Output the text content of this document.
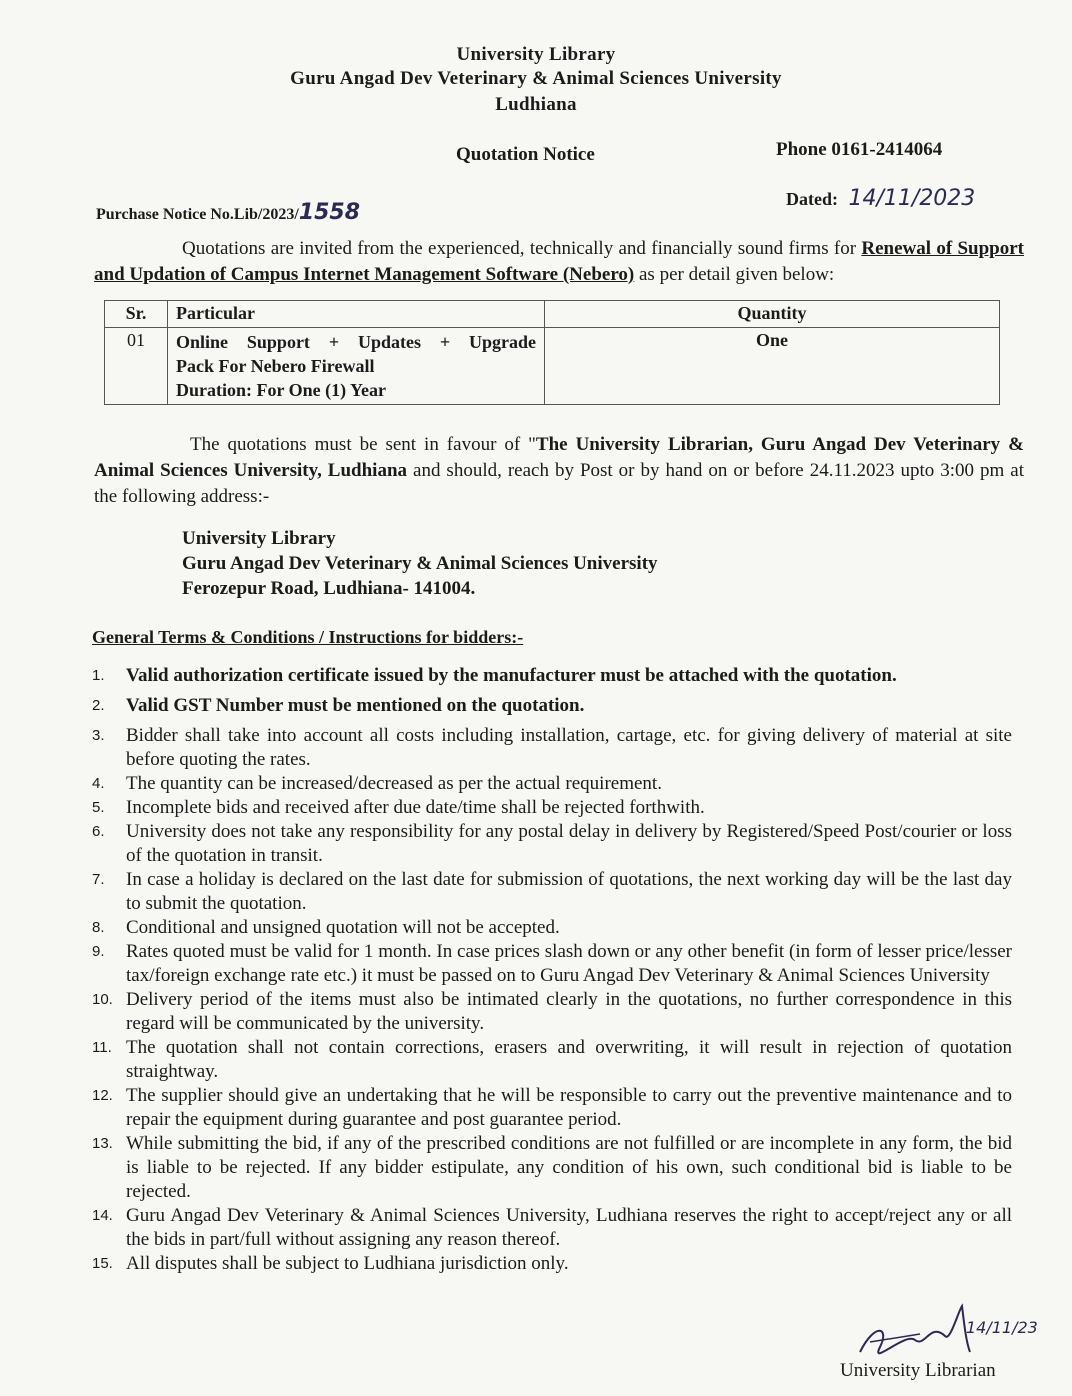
University Library
Guru Angad Dev Veterinary & Animal Sciences University
Ludhiana
Quotation Notice	Phone 0161-2414064
Purchase Notice No.Lib/2023/1558
Dated: 14/11/2023
Quotations are invited from the experienced, technically and financially sound firms for Renewal of Support and Updation of Campus Internet Management Software (Nebero) as per detail given below:
Sr.	Particular	Quantity
01	Online Support + Updates + Upgrade
Pack For Nebero Firewall
Duration: For One (1) Year	One
The quotations must be sent in favour of "The University Librarian, Guru Angad Dev Veterinary & Animal Sciences University, Ludhiana and should, reach by Post or by hand on or before 24.11.2023 upto 3:00 pm at the following address:-
University Library
Guru Angad Dev Veterinary & Animal Sciences University
Ferozepur Road, Ludhiana- 141004.
General Terms & Conditions / Instructions for bidders:-
1.	Valid authorization certificate issued by the manufacturer must be attached with the quotation.
2.	Valid GST Number must be mentioned on the quotation.
3.	Bidder shall take into account all costs including installation, cartage, etc. for giving delivery of material at site before quoting the rates.
4.	The quantity can be increased/decreased as per the actual requirement.
5.	Incomplete bids and received after due date/time shall be rejected forthwith.
6.	University does not take any responsibility for any postal delay in delivery by Registered/Speed Post/courier or loss of the quotation in transit.
7.	In case a holiday is declared on the last date for submission of quotations, the next working day will be the last day to submit the quotation.
8.	Conditional and unsigned quotation will not be accepted.
9.	Rates quoted must be valid for 1 month. In case prices slash down or any other benefit (in form of lesser price/lesser tax/foreign exchange rate etc.) it must be passed on to Guru Angad Dev Veterinary & Animal Sciences University
10. Delivery period of the items must also be intimated clearly in the quotations, no further correspondence in this regard will be communicated by the university.
11. The quotation shall not contain corrections, erasers and overwriting, it will result in rejection of quotation straightway.
12. The supplier should give an undertaking that he will be responsible to carry out the preventive maintenance and to repair the equipment during guarantee and post guarantee period.
13. While submitting the bid, if any of the prescribed conditions are not fulfilled or are incomplete in any form, the bid is liable to be rejected. If any bidder estipulate, any condition of his own, such conditional bid is liable to be rejected.
14. Guru Angad Dev Veterinary & Animal Sciences University, Ludhiana reserves the right to accept/reject any or all the bids in part/full without assigning any reason thereof.
15. All disputes shall be subject to Ludhiana jurisdiction only.
14/11/23
University Librarian
